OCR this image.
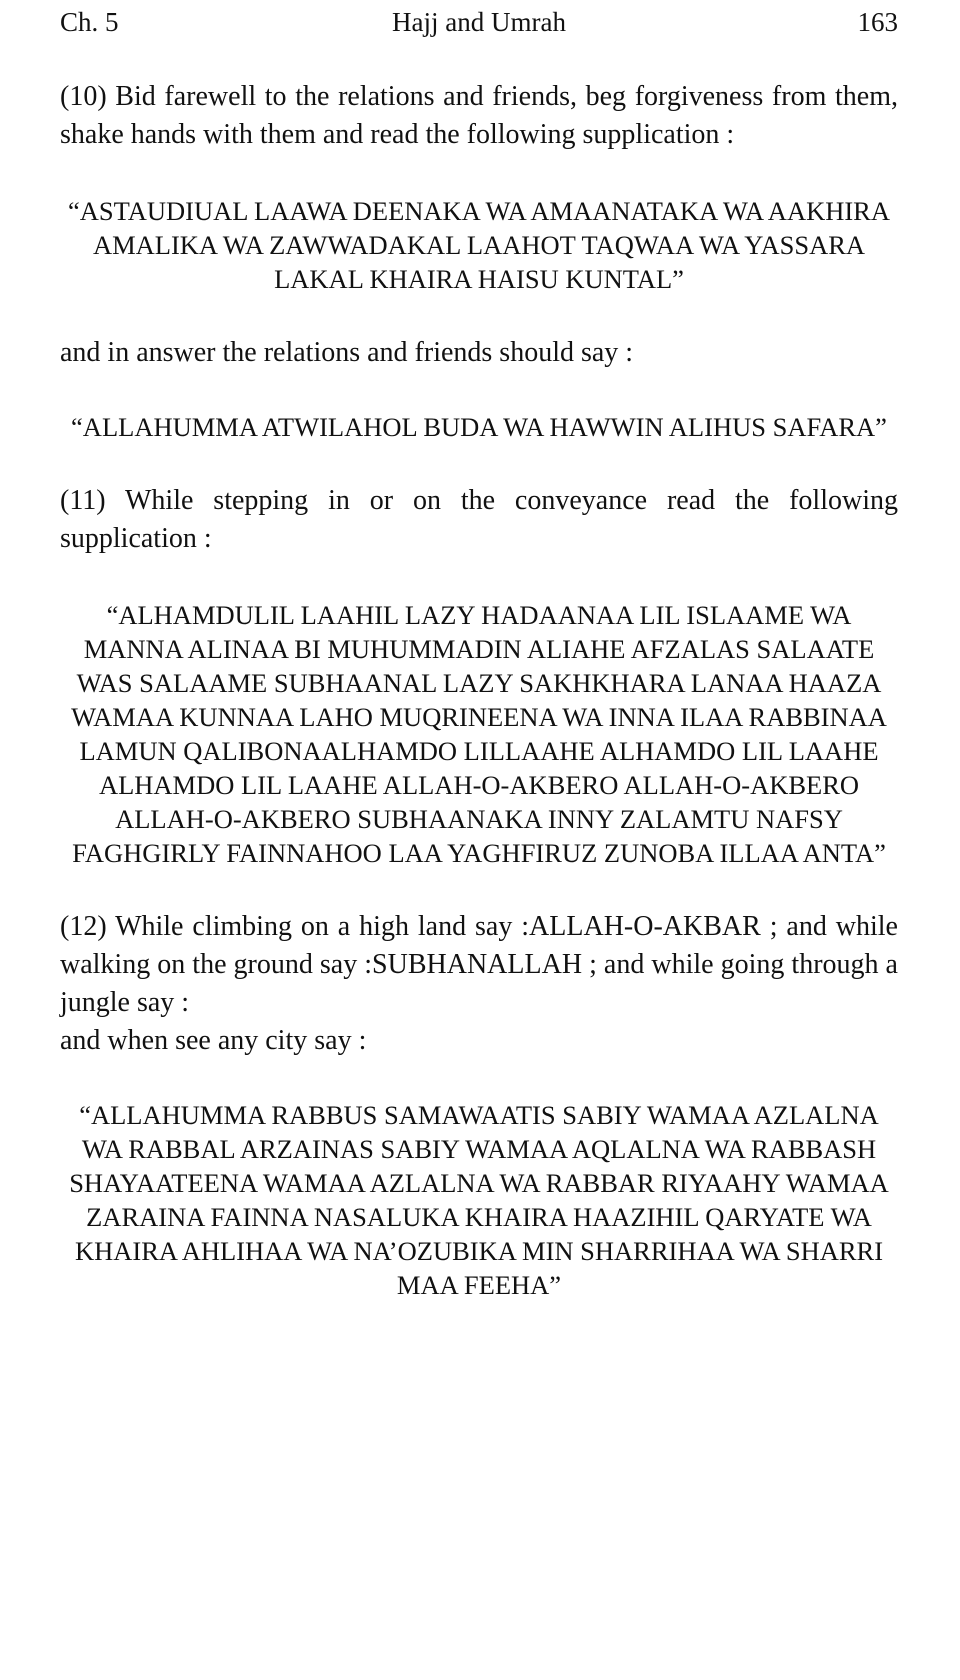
Hajj and Umrah
Ch. 5	163

(10) Bid farewell to the relations and friends, beg forgiveness from them, shake hands with them and read the following supplication :

“ASTAUDIUAL LAAWA DEENAKA WA AMAANATAKA WA AAKHIRA AMALIKA WA ZAWWADAKAL LAAHOT TAQWAA WA YASSARA LAKAL KHAIRA HAISU KUNTAL”

and in answer the relations and friends should say :

“ALLAHUMMA ATWILAHOL BUDA WA HAWWIN ALIHUS SAFARA”

(11) While stepping in or on the conveyance read the following supplication :

“ALHAMDULIL LAAHIL LAZY HADAANAA LIL ISLAAME WA MANNA ALINAA BI MUHUMMADIN ALIAHE AFZALAS SALAATE WAS SALAAME SUBHAANAL LAZY SAKHKHARA LANAA HAAZA WAMAA KUNNAA LAHO MUQRINEENA WA INNA ILAA RABBINAA LAMUN QALIBONAALHAMDO LILLAAHE ALHAMDO LIL LAAHE ALHAMDO LIL LAAHE ALLAH-O-AKBERO ALLAH-O-AKBERO ALLAH-O-AKBERO SUBHAANAKA INNY ZALAMTU NAFSY FAGHGIRLY FAINNAHOO LAA YAGHFIRUZ ZUNOBA ILLAA ANTA”

(12) While climbing on a high land say :ALLAH-O-AKBAR ; and while walking on the ground say :SUBHANALLAH ; and while going through a jungle say :

and when see any city say :

“ALLAHUMMA RABBUS SAMAWAATIS SABIY WAMAA AZLALNA WA RABBAL ARZAINAS SABIY WAMAA AQLALNA WA RABBASH SHAYAATEENA WAMAA AZLALNA WA RABBAR RIYAAHY WAMAA ZARAINA FAINNA NASALUKA KHAIRA HAAZIHIL QARYATE WA KHAIRA AHLIHAA WA NA’OZUBIKA MIN SHARRIHAA WA SHARRI MAA FEEHA”
